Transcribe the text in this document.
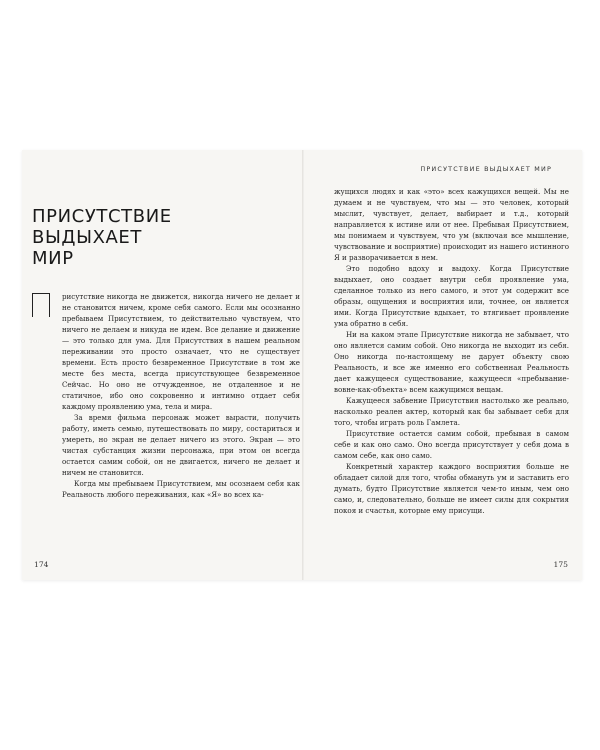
ПРИСУТСТВИЕ
ВЫДЫХАЕТ
МИР

рисутствие никогда не движется, никогда ничего не делает и не становится ничем, кроме себя самого. Если мы осознанно пребываем Присутствием, то действительно чувствуем, что ничего не делаем и никуда не идем. Все делание и движение — это только для ума. Для Присутствия в нашем реальном переживании это просто означает, что не существует времени. Есть просто безвременное Присутствие в том же месте без места, всегда присутствующее безвременное Сейчас. Но оно не отчужденное, не отдаленное и не статичное, ибо оно сокровенно и интимно отдает себя каждому проявлению ума, тела и мира.

За время фильма персонаж может вырасти, получить работу, иметь семью, путешествовать по миру, состариться и умереть, но экран не делает ничего из этого. Экран — это чистая субстанция жизни персонажа, при этом он всегда остается самим собой, он не двигается, ничего не делает и ничем не становится.

Когда мы пребываем Присутствием, мы осознаем себя как Реальность любого переживания, как «Я» во всех ка-

174
ПРИСУТСТВИЕ ВЫДЫХАЕТ МИР

жущихся людях и как «это» всех кажущихся вещей. Мы не думаем и не чувствуем, что мы — это человек, который мыслит, чувствует, делает, выбирает и т.д., который направляется к истине или от нее. Пребывая Присутствием, мы понимаем и чувствуем, что ум (включая все мышление, чувствование и восприятие) происходит из нашего истинного Я и разворачивается в нем.

Это подобно вдоху и выдоху. Когда Присутствие выдыхает, оно создает внутри себя проявление ума, сделанное только из него самого, и этот ум содержит все образы, ощущения и восприятия или, точнее, он является ими. Когда Присутствие вдыхает, то втягивает проявление ума обратно в себя.

Ни на каком этапе Присутствие никогда не забывает, что оно является самим собой. Оно никогда не выходит из себя. Оно никогда по-настоящему не дарует объекту свою Реальность, и все же именно его собственная Реальность дает кажущееся существование, кажущееся «пребывание-вовне-как-объекта» всем кажущимся вещам.

Кажущееся забвение Присутствия настолько же реально, насколько реален актер, который как бы забывает себя для того, чтобы играть роль Гамлета.

Присутствие остается самим собой, пребывая в самом себе и как оно само. Оно всегда присутствует у себя дома в самом себе, как оно само.

Конкретный характер каждого восприятия больше не обладает силой для того, чтобы обмануть ум и заставить его думать, будто Присутствие является чем-то иным, чем оно само, и, следовательно, больше не имеет силы для сокрытия покоя и счастья, которые ему присущи.

175
